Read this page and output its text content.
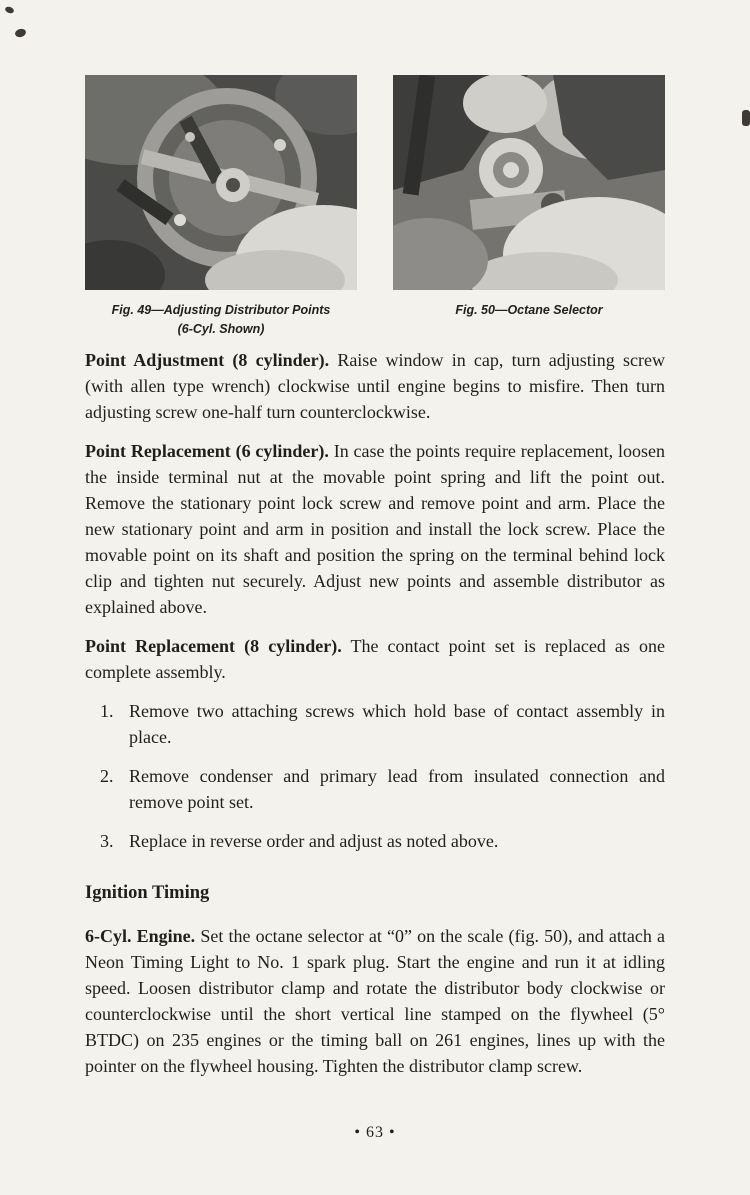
Fig. 49—Adjusting Distributor Points
(6-Cyl. Shown)
Fig. 50—Octane Selector

Point Adjustment (8 cylinder). Raise window in cap, turn adjusting screw (with allen type wrench) clockwise until engine begins to misfire. Then turn adjusting screw one-half turn counterclockwise.

Point Replacement (6 cylinder). In case the points require replacement, loosen the inside terminal nut at the movable point spring and lift the point out. Remove the stationary point lock screw and remove point and arm. Place the new stationary point and arm in position and install the lock screw. Place the movable point on its shaft and position the spring on the terminal behind lock clip and tighten nut securely. Adjust new points and assemble distributor as explained above.

Point Replacement (8 cylinder). The contact point set is replaced as one complete assembly.

1. Remove two attaching screws which hold base of contact assembly in place.
2. Remove condenser and primary lead from insulated connection and remove point set.
3. Replace in reverse order and adjust as noted above.
Ignition Timing

6-Cyl. Engine. Set the octane selector at “0” on the scale (fig. 50), and attach a Neon Timing Light to No. 1 spark plug. Start the engine and run it at idling speed. Loosen distributor clamp and rotate the distributor body clockwise or counterclockwise until the short vertical line stamped on the flywheel (5° BTDC) on 235 engines or the timing ball on 261 engines, lines up with the pointer on the flywheel housing. Tighten the distributor clamp screw.

• 63 •
